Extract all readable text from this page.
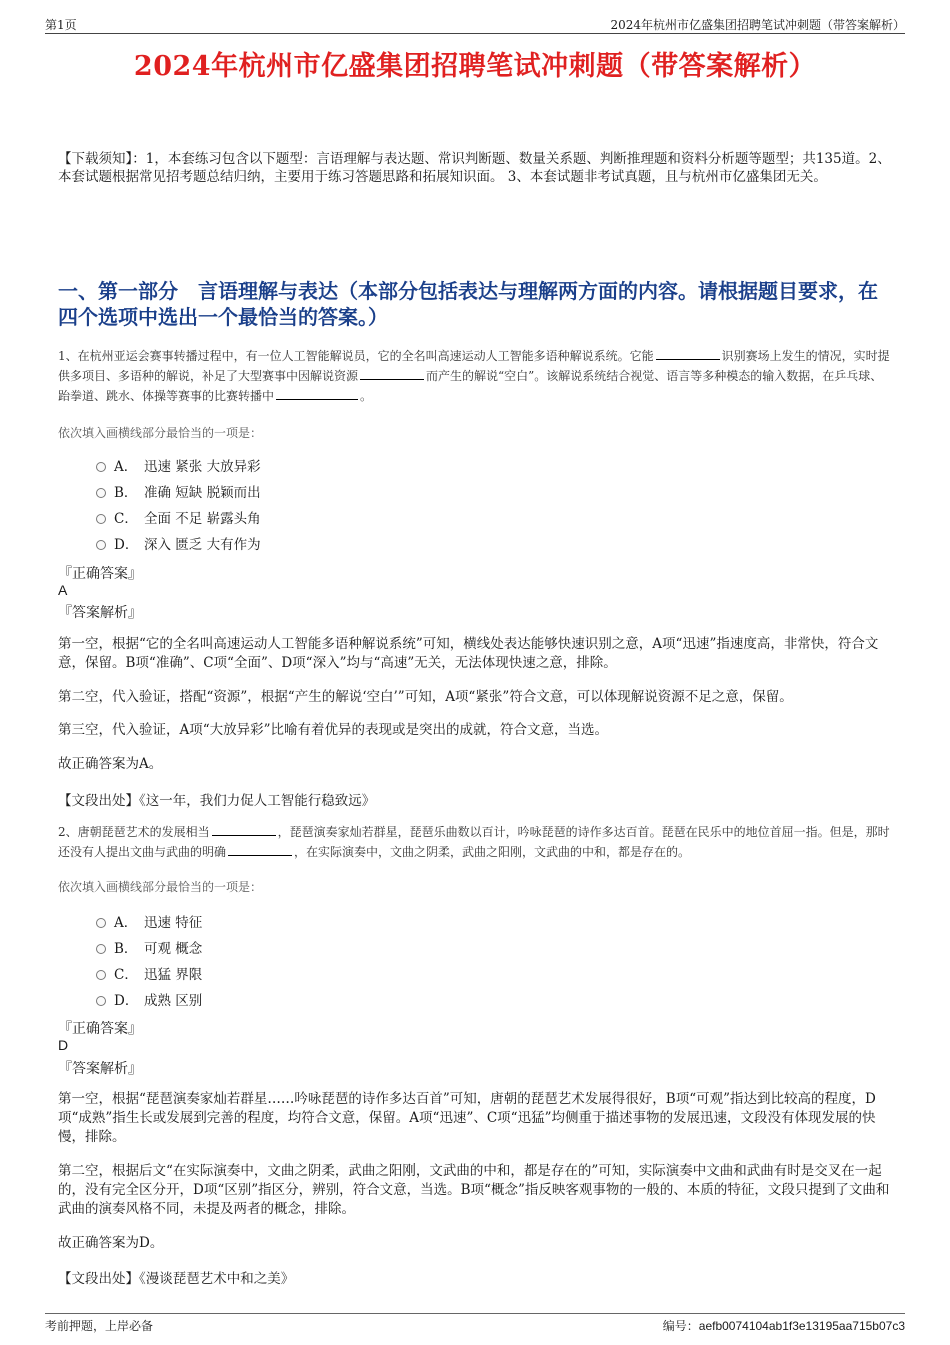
第1页	2024年杭州市亿盛集团招聘笔试冲刺题（带答案解析）
2024年杭州市亿盛集团招聘笔试冲刺题（带答案解析）

【下载须知】：1，本套练习包含以下题型：言语理解与表达题、常识判断题、数量关系题、判断推理题和资料分析题等题型；共135道。2、本套试题根据常见招考题总结归纳，主要用于练习答题思路和拓展知识面。 3、本套试题非考试真题，且与杭州市亿盛集团无关。

一、第一部分　言语理解与表达（本部分包括表达与理解两方面的内容。请根据题目要求，在四个选项中选出一个最恰当的答案。）

1、在杭州亚运会赛事转播过程中，有一位人工智能解说员，它的全名叫高速运动人工智能多语种解说系统。它能	识别赛场上发生的情况，实时提供多项目、多语种的解说，补足了大型赛事中因解说资源	而产生的解说“空白”。该解说系统结合视觉、语言等多种模态的输入数据，在乒乓球、跆拳道、跳水、体操等赛事的比赛转播中	。

依次填入画横线部分最恰当的一项是：
A． 迅速 紧张 大放异彩
B． 准确 短缺 脱颖而出
C． 全面 不足 崭露头角
D． 深入 匮乏 大有作为
『正确答案』
A
『答案解析』

第一空，根据“它的全名叫高速运动人工智能多语种解说系统”可知，横线处表达能够快速识别之意，A项“迅速”指速度高，非常快，符合文意，保留。B项“准确”、C项“全面”、D项“深入”均与“高速”无关，无法体现快速之意，排除。

第二空，代入验证，搭配“资源”，根据“产生的解说‘空白’”可知，A项“紧张”符合文意，可以体现解说资源不足之意，保留。

第三空，代入验证，A项“大放异彩”比喻有着优异的表现或是突出的成就，符合文意，当选。

故正确答案为A。

【文段出处】《这一年，我们力促人工智能行稳致远》

2、唐朝琵琶艺术的发展相当	，琵琶演奏家灿若群星，琵琶乐曲数以百计，吟咏琵琶的诗作多达百首。琵琶在民乐中的地位首屈一指。但是，那时还没有人提出文曲与武曲的明确	，在实际演奏中，文曲之阴柔，武曲之阳刚，文武曲的中和，都是存在的。

依次填入画横线部分最恰当的一项是：
A． 迅速 特征
B． 可观 概念
C． 迅猛 界限
D． 成熟 区别
『正确答案』
D
『答案解析』

第一空，根据“琵琶演奏家灿若群星……吟咏琵琶的诗作多达百首”可知，唐朝的琵琶艺术发展得很好，B项“可观”指达到比较高的程度，D项“成熟”指生长或发展到完善的程度，均符合文意，保留。A项“迅速”、C项“迅猛”均侧重于描述事物的发展迅速，文段没有体现发展的快慢，排除。

第二空，根据后文“在实际演奏中，文曲之阴柔，武曲之阳刚，文武曲的中和，都是存在的”可知，实际演奏中文曲和武曲有时是交叉在一起的，没有完全区分开，D项“区别”指区分，辨别，符合文意，当选。B项“概念”指反映客观事物的一般的、本质的特征，文段只提到了文曲和武曲的演奏风格不同，未提及两者的概念，排除。

故正确答案为D。

【文段出处】《漫谈琵琶艺术中和之美》

考前押题，上岸必备	编号：aefb0074104ab1f3e13195aa715b07c3
